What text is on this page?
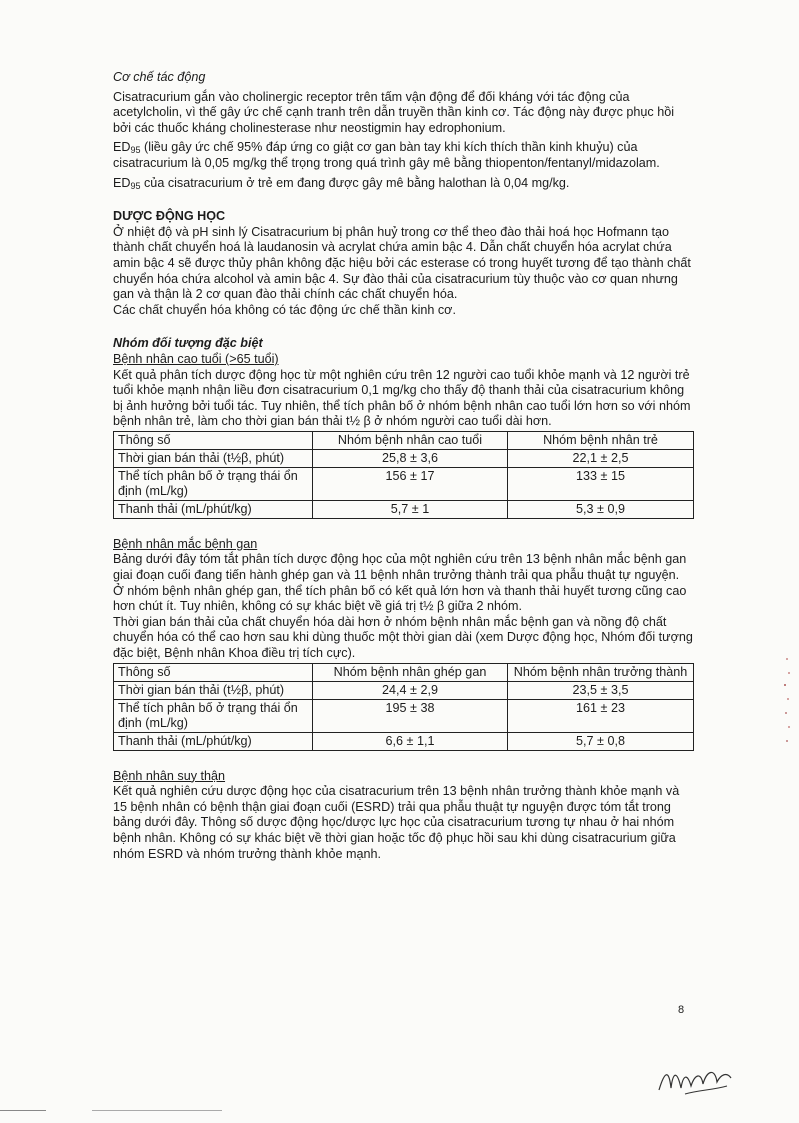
Cơ chế tác động

Cisatracurium gắn vào cholinergic receptor trên tấm vận động để đối kháng với tác động của acetylcholin, vì thế gây ức chế cạnh tranh trên dẫn truyền thần kinh cơ. Tác động này được phục hồi bởi các thuốc kháng cholinesterase như neostigmin hay edrophonium.

$ED_{95}$ (liều gây ức chế 95% đáp ứng co giật cơ gan bàn tay khi kích thích thần kinh khuỷu) của cisatracurium là 0,05 mg/kg thể trọng trong quá trình gây mê bằng thiopenton/fentanyl/midazolam.

$ED_{95}$ của cisatracurium ở trẻ em đang được gây mê bằng halothan là 0,04 mg/kg.

DƯỢC ĐỘNG HỌC

Ở nhiệt độ và pH sinh lý Cisatracurium bị phân huỷ trong cơ thể theo đào thải hoá học Hofmann tạo thành chất chuyển hoá là laudanosin và acrylat chứa amin bậc 4. Dẫn chất chuyển hóa acrylat chứa amin bậc 4 sẽ được thủy phân không đặc hiệu bởi các esterase có trong huyết tương để tạo thành chất chuyển hóa chứa alcohol và amin bậc 4. Sự đào thải của cisatracurium tùy thuộc vào cơ quan nhưng gan và thận là 2 cơ quan đào thải chính các chất chuyển hóa.

Các chất chuyển hóa không có tác động ức chế thần kinh cơ.

Nhóm đối tượng đặc biệt

Bệnh nhân cao tuổi (>65 tuổi)

Kết quả phân tích dược động học từ một nghiên cứu trên 12 người cao tuổi khỏe mạnh và 12 người trẻ tuổi khỏe mạnh nhận liều đơn cisatracurium 0,1 mg/kg cho thấy độ thanh thải của cisatracurium không bị ảnh hưởng bởi tuổi tác. Tuy nhiên, thể tích phân bố ở nhóm bệnh nhân cao tuổi lớn hơn so với nhóm bệnh nhân trẻ, làm cho thời gian bán thải t½ β ở nhóm người cao tuổi dài hơn.

Thông số	Nhóm bệnh nhân cao tuổi	Nhóm bệnh nhân trẻ
Thời gian bán thải (t½β, phút)	25,8 ± 3,6	22,1 ± 2,5
Thể tích phân bố ở trạng thái ổn định (mL/kg)	156 ± 17	133 ± 15
Thanh thải (mL/phút/kg)	5,7 ± 1	5,3 ± 0,9

Bệnh nhân mắc bệnh gan

Bảng dưới đây tóm tắt phân tích dược động học của một nghiên cứu trên 13 bệnh nhân mắc bệnh gan giai đoạn cuối đang tiến hành ghép gan và 11 bệnh nhân trưởng thành trải qua phẫu thuật tự nguyện. Ở nhóm bệnh nhân ghép gan, thể tích phân bố có kết quả lớn hơn và thanh thải huyết tương cũng cao hơn chút ít. Tuy nhiên, không có sự khác biệt về giá trị t½ β giữa 2 nhóm.

Thời gian bán thải của chất chuyển hóa dài hơn ở nhóm bệnh nhân mắc bệnh gan và nồng độ chất chuyển hóa có thể cao hơn sau khi dùng thuốc một thời gian dài (xem Dược động học, Nhóm đối tượng đặc biệt, Bệnh nhân Khoa điều trị tích cực).

Thông số	Nhóm bệnh nhân ghép gan	Nhóm bệnh nhân trưởng thành
Thời gian bán thải (t½β, phút)	24,4 ± 2,9	23,5 ± 3,5
Thể tích phân bố ở trạng thái ổn định (mL/kg)	195 ± 38	161 ± 23
Thanh thải (mL/phút/kg)	6,6 ± 1,1	5,7 ± 0,8

Bệnh nhân suy thận

Kết quả nghiên cứu dược động học của cisatracurium trên 13 bệnh nhân trưởng thành khỏe mạnh và 15 bệnh nhân có bệnh thận giai đoạn cuối (ESRD) trải qua phẫu thuật tự nguyện được tóm tắt trong bảng dưới đây. Thông số dược động học/dược lực học của cisatracurium tương tự nhau ở hai nhóm bệnh nhân. Không có sự khác biệt về thời gian hoặc tốc độ phục hồi sau khi dùng cisatracurium giữa nhóm ESRD và nhóm trưởng thành khỏe mạnh.

8
